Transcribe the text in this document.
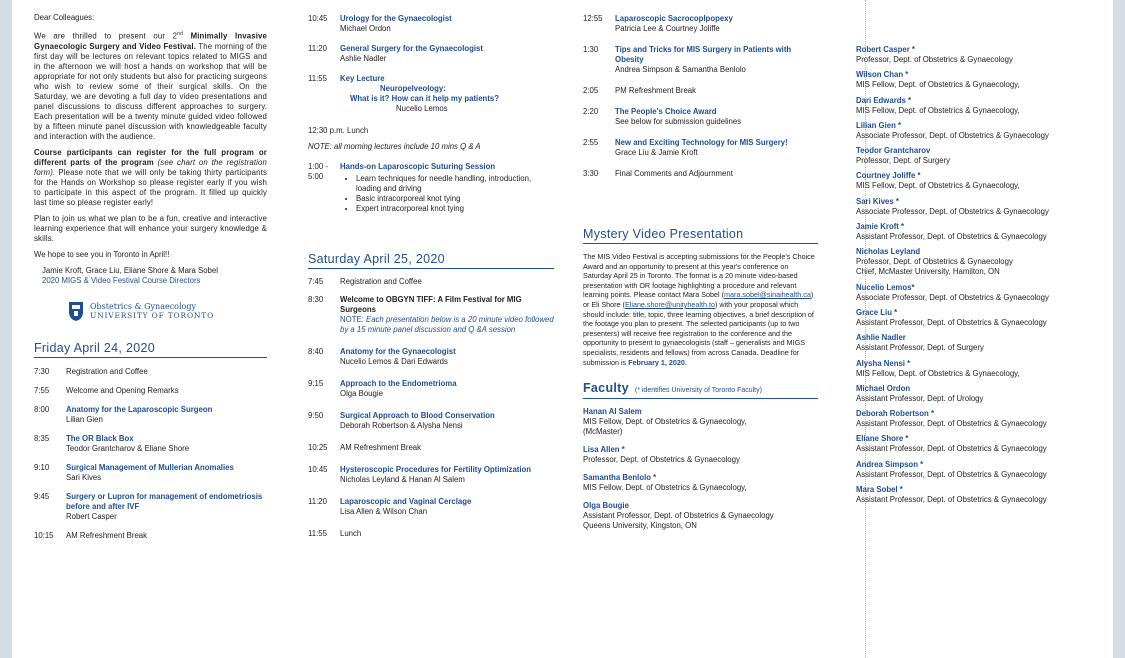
Dear Colleagues:

We are thrilled to present our 2nd Minimally Invasive Gynaecologic Surgery and Video Festival. The morning of the first day will be lectures on relevant topics related to MIGS and in the afternoon we will host a hands on workshop that will be appropriate for not only students but also for practicing surgeons who wish to review some of their surgical skills. On the Saturday, we are devoting a full day to video presentations and panel discussions to discuss different approaches to surgery. Each presentation will be a twenty minute guided video followed by a fifteen minute panel discussion with knowledgeable faculty and interaction with the audience.

Course participants can register for the full program or different parts of the program (see chart on the registration form). Please note that we will only be taking thirty participants for the Hands on Workshop so please register early if you wish to participate in this aspect of the program. It filled up quickly last time so please register early!

Plan to join us what we plan to be a fun, creative and interactive learning experience that will enhance your surgery knowledge & skills.

We hope to see you in Toronto in April!!

Jamie Kroft, Grace Liu, Eliane Shore & Mara Sobel

2020 MIGS & Video Festival Course Directors

Obstetrics & Gynaecology
UNIVERSITY OF TORONTO
Friday April 24, 2020
7:30	Registration and Coffee
7:55	Welcome and Opening Remarks
8:00	Anatomy for the Laparoscopic Surgeon
Lilian Gien
8:35	The OR Black Box
Teodor Grantcharov & Eliane Shore
9:10	Surgical Management of Mullerian Anomalies
Sari Kives
9:45	Surgery or Lupron for management of endometriosis before and after IVF
Robert Casper
10:15	AM Refreshment Break
10:45	Urology for the Gynaecologist
Michael Ordon
11:20	General Surgery for the Gynaecologist
Ashlie Nadler
11:55	Key Lecture
Neuropelveology:
What is it? How can it help my patients?
Nucelio Lemos

12:30 p.m. Lunch

NOTE: all morning lectures include 10 mins Q & A

1:00 -
5:00
Hands-on Laparoscopic Suturing Session
• Learn techniques for needle handling, introduction, loading and driving
• Basic intracorporeal knot tying
• Expert intracorporeal knot tying
Saturday April 25, 2020
7:45	Registration and Coffee
8:30	Welcome to OBGYN TIFF: A Film Festival for MIG Surgeons
NOTE: Each presentation below is a 20 minute video followed by a 15 minute panel discussion and Q &A session
8:40	Anatomy for the Gynaecologist
Nucelio Lemos & Dari Edwards
9:15	Approach to the Endometrioma
Olga Bougie
9:50	Surgical Approach to Blood Conservation
Deborah Robertson & Alysha Nensi
10:25	AM Refreshment Break
10:45	Hysteroscopic Procedures for Fertility Optimization
Nicholas Leyland & Hanan Al Salem
11:20	Laparoscopic and Vaginal Cerclage
Lisa Allen & Wilson Chan
11:55	Lunch
12:55	Laparoscopic Sacrocoplpopexy
Patricia Lee & Courtney Joliffe
1:30	Tips and Tricks for MIS Surgery in Patients with Obesity
Andrea Simpson & Samantha Benlolo
2:05	PM Refreshment Break
2:20	The People's Choice Award
See below for submission guidelines
2:55	New and Exciting Technology for MIS Surgery!
Grace Liu & Jamie Kroft
3:30	Final Comments and Adjournment
Mystery Video Presentation

The MIS Video Festival is accepting submissions for the People's Choice Award and an opportunity to present at this year's conference on Saturday April 25 in Toronto. The format is a 20 minute video-based presentation with OR footage highlighting a procedure and relevant learning points. Please contact Mara Sobel (mara.sobel@sinaihealth.ca) or Eli Shore (Eliane.shore@unityhealth.to) with your proposal which should include: title, topic, three learning objectives, a brief description of the footage you plan to present. The selected participants (up to two presenters) will receive free registration to the conference and the opportunity to present to gynaecologists (staff – generalists and MIGS specialists, residents and fellows) from across Canada. Deadline for submission is February 1, 2020.

Faculty (* identifies University of Toronto Faculty)
Hanan Al Salem
MIS Fellow, Dept. of Obstetrics & Gynaecology,
(McMaster)
Lisa Allen *
Professor, Dept. of Obstetrics & Gynaecology
Samantha Benlolo *
MIS Fellow, Dept. of Obstetrics & Gynaecology,
Olga Bougie
Assistant Professor, Dept. of Obstetrics & Gynaecology
Queens University, Kingston, ON
Robert Casper *
Professor, Dept. of Obstetrics & Gynaecology
Wilson Chan *
MIS Fellow, Dept. of Obstetrics & Gynaecology,
Dari Edwards *
MIS Fellow, Dept. of Obstetrics & Gynaecology,
Lilian Gien *
Associate Professor, Dept. of Obstetrics & Gynaecology
Teodor Grantcharov
Professor, Dept. of Surgery
Courtney Joliffe *
MIS Fellow, Dept. of Obstetrics & Gynaecology,
Sari Kives *
Associate Professor, Dept. of Obstetrics & Gynaecology
Jamie Kroft *
Assistant Professor, Dept. of Obstetrics & Gynaecology
Nicholas Leyland
Professor, Dept. of Obstetrics & Gynaecology
Chief, McMaster University, Hamilton, ON
Nucelio Lemos*
Associate Professor, Dept. of Obstetrics & Gynaecology
Grace Liu *
Assistant Professor, Dept. of Obstetrics & Gynaecology
Ashlie Nadler
Assistant Professor, Dept. of Surgery
Alysha Nensi *
MIS Fellow, Dept. of Obstetrics & Gynaecology,
Michael Ordon
Assistant Professor, Dept. of Urology
Deborah Robertson *
Assistant Professor, Dept. of Obstetrics & Gynaecology
Eliane Shore *
Assistant Professor, Dept. of Obstetrics & Gynaecology
Andrea Simpson *
Assistant Professor, Dept. of Obstetrics & Gynaecology
Mara Sobel *
Assistant Professor, Dept. of Obstetrics & Gynaecology
